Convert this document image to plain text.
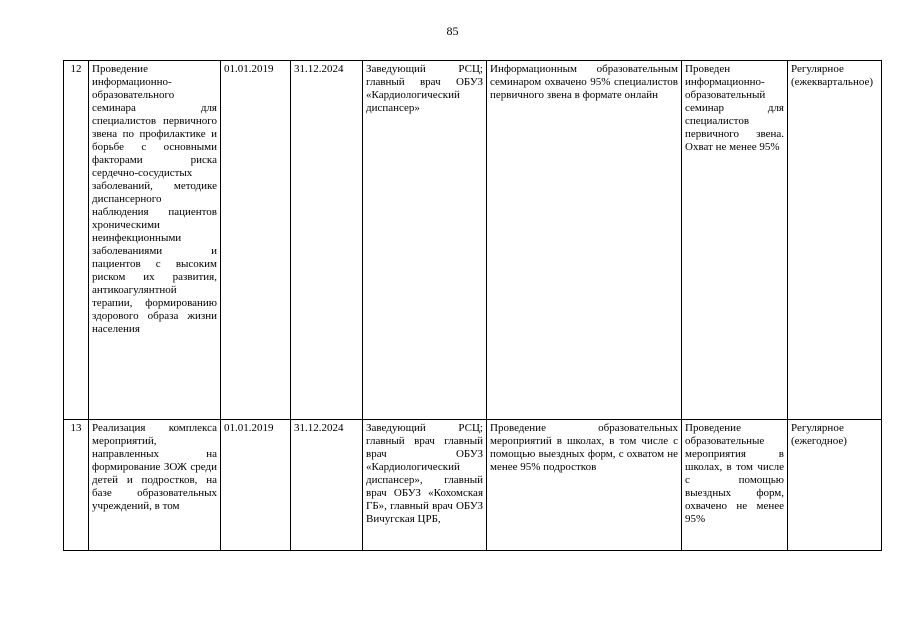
85
12	Проведение информационно-образовательного семинара для специалистов первичного звена по профилактике и борьбе с основными факторами риска сердечно-сосудистых заболеваний, методике диспансерного наблюдения пациентов хроническими неинфекционными заболеваниями и пациентов с высоким риском их развития, антикоагулянтной терапии, формированию здорового образа жизни населения	01.01.2019	31.12.2024	Заведующий РСЦ; главный врач ОБУЗ «Кардиологический диспансер»	Информационным образовательным семинаром охвачено 95% специалистов первичного звена в формате онлайн	Проведен информационно-образовательный семинар для специалистов первичного звена. Охват не менее 95%	Регулярное (ежеквартальное)
13	Реализация комплекса мероприятий, направленных на формирование ЗОЖ среди детей и подростков, на базе образовательных учреждений, в том	01.01.2019	31.12.2024	Заведующий РСЦ; главный врач главный врач ОБУЗ «Кардиологический диспансер», главный врач ОБУЗ «Кохомская ГБ», главный врач ОБУЗ Вичугская ЦРБ,	Проведение образовательных мероприятий в школах, в том числе с помощью выездных форм, с охватом не менее 95% подростков	Проведение образовательные мероприятия в школах, в том числе с помощью выездных форм, охвачено не менее 95%	Регулярное (ежегодное)
